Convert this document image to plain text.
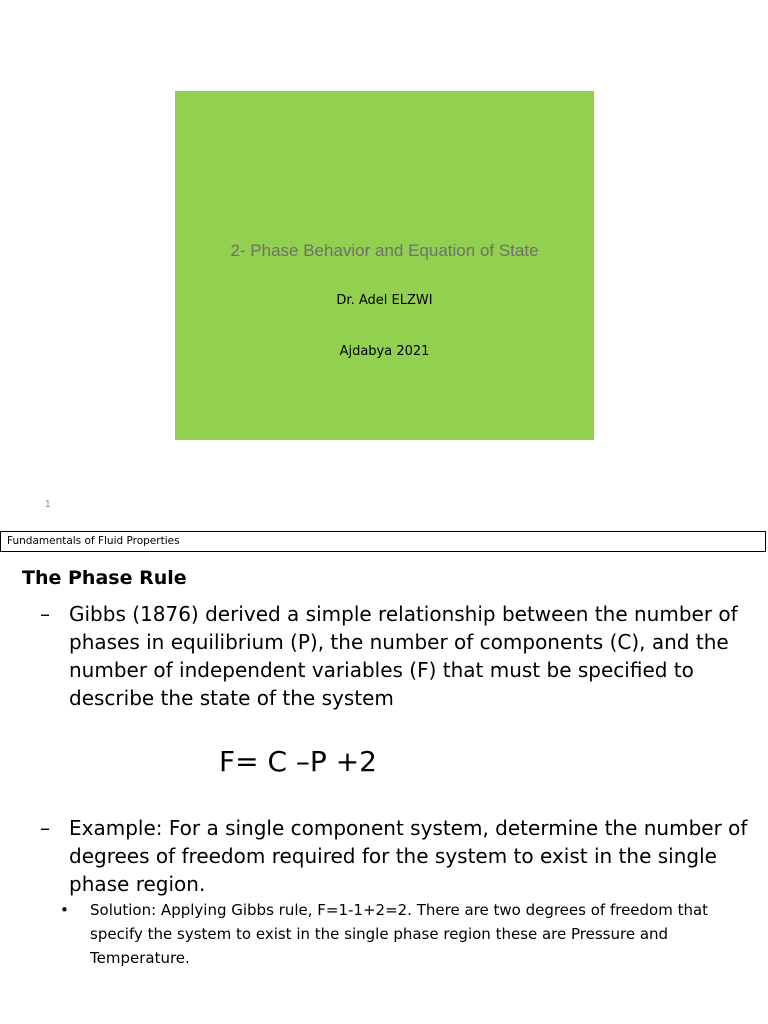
2- Phase Behavior and Equation of State
Dr. Adel ELZWI
Ajdabya 2021
1
Fundamentals of Fluid Properties
The Phase Rule
– Gibbs (1876) derived a simple relationship between the number of phases in equilibrium (P), the number of components (C), and the number of independent variables (F) that must be specified to describe the state of the system
F= C –P +2
– Example: For a single component system, determine the number of degrees of freedom required for the system to exist in the single phase region.
• Solution: Applying Gibbs rule, F=1-1+2=2. There are two degrees of freedom that specify the system to exist in the single phase region these are Pressure and Temperature.
